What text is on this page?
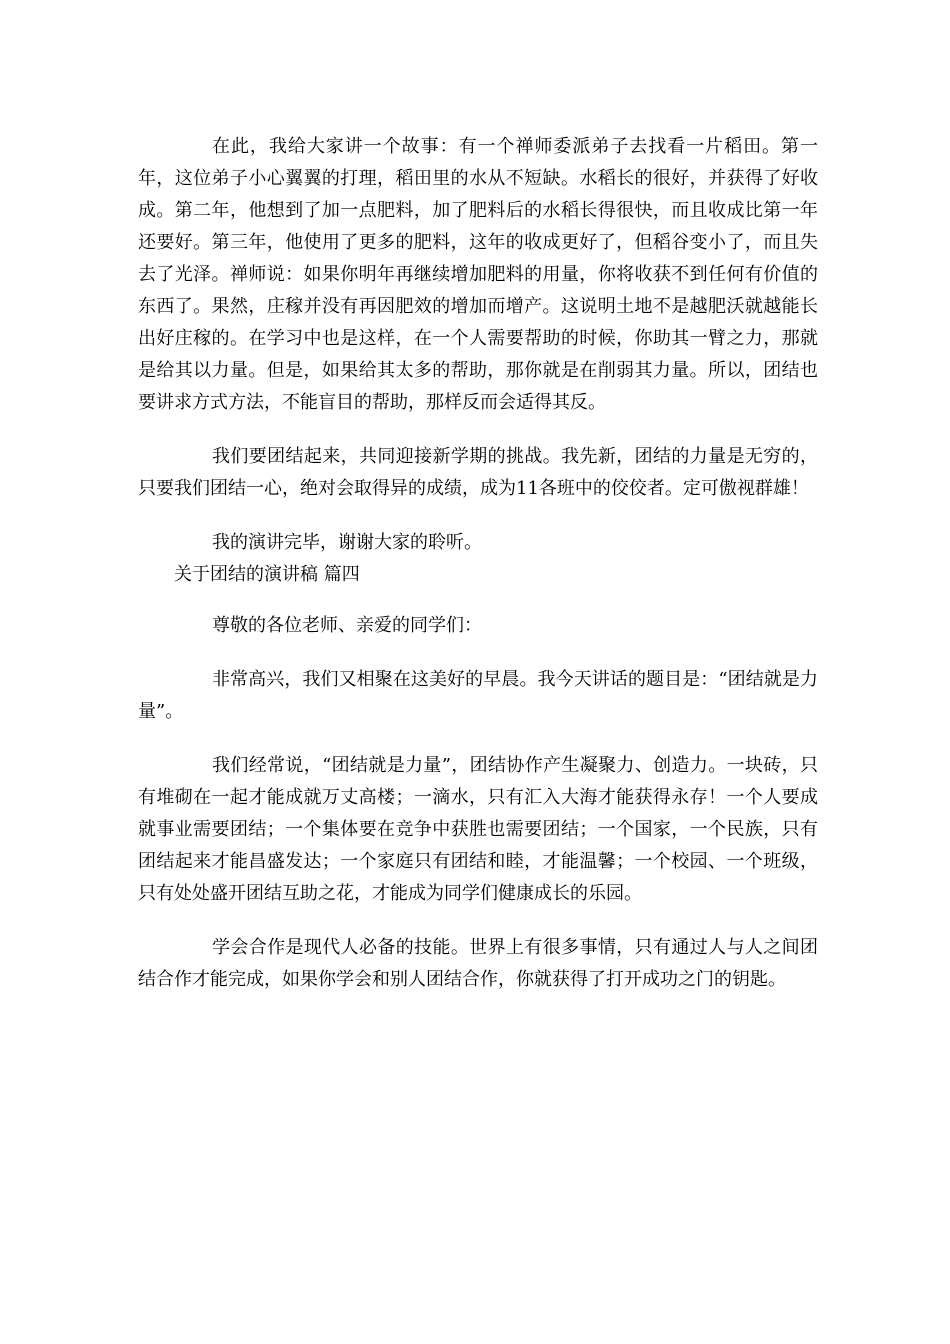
在此，我给大家讲一个故事：有一个禅师委派弟子去找看一片稻田。第一年，这位弟子小心翼翼的打理，稻田里的水从不短缺。水稻长的很好，并获得了好收成。第二年，他想到了加一点肥料，加了肥料后的水稻长得很快，而且收成比第一年还要好。第三年，他使用了更多的肥料，这年的收成更好了，但稻谷变小了，而且失去了光泽。禅师说：如果你明年再继续增加肥料的用量，你将收获不到任何有价值的东西了。果然，庄稼并没有再因肥效的增加而增产。这说明土地不是越肥沃就越能长出好庄稼的。在学习中也是这样，在一个人需要帮助的时候，你助其一臂之力，那就是给其以力量。但是，如果给其太多的帮助，那你就是在削弱其力量。所以，团结也要讲求方式方法，不能盲目的帮助，那样反而会适得其反。

我们要团结起来，共同迎接新学期的挑战。我先新，团结的力量是无穷的，只要我们团结一心，绝对会取得异的成绩，成为11各班中的佼佼者。定可傲视群雄！

我的演讲完毕，谢谢大家的聆听。

关于团结的演讲稿 篇四

尊敬的各位老师、亲爱的同学们：

非常高兴，我们又相聚在这美好的早晨。我今天讲话的题目是：“团结就是力量”。

我们经常说，“团结就是力量”，团结协作产生凝聚力、创造力。一块砖，只有堆砌在一起才能成就万丈高楼；一滴水，只有汇入大海才能获得永存！一个人要成就事业需要团结；一个集体要在竞争中获胜也需要团结；一个国家，一个民族，只有团结起来才能昌盛发达；一个家庭只有团结和睦，才能温馨；一个校园、一个班级，只有处处盛开团结互助之花，才能成为同学们健康成长的乐园。

学会合作是现代人必备的技能。世界上有很多事情，只有通过人与人之间团结合作才能完成，如果你学会和别人团结合作，你就获得了打开成功之门的钥匙。
